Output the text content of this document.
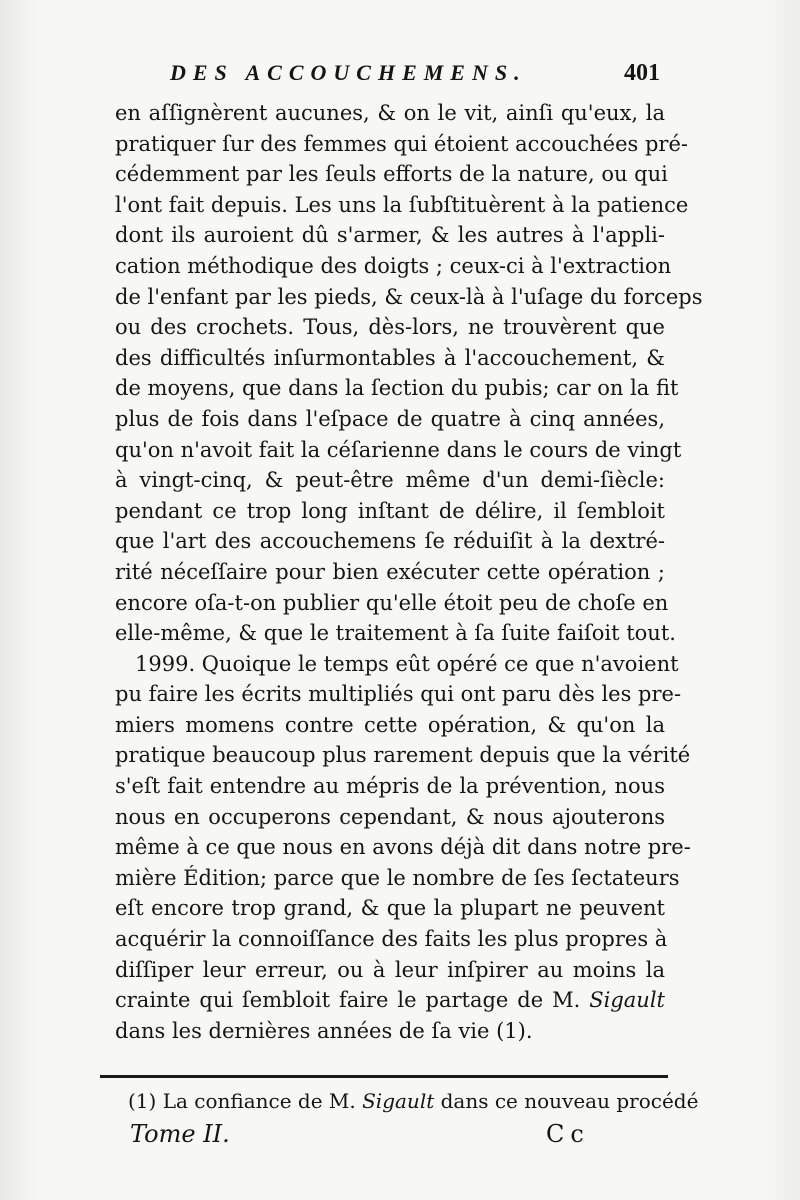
DES ACCOUCHEMENS.	401
en aſſignèrent aucunes, & on le vit, ainſi qu'eux, la
pratiquer ſur des femmes qui étoient accouchées pré-
cédemment par les ſeuls efforts de la nature, ou qui
l'ont fait depuis. Les uns la ſubſtituèrent à la patience
dont ils auroient dû s'armer, & les autres à l'appli-
cation méthodique des doigts ; ceux-ci à l'extraction
de l'enfant par les pieds, & ceux-là à l'uſage du forceps
ou des crochets. Tous, dès-lors, ne trouvèrent que
des difficultés inſurmontables à l'accouchement, &
de moyens, que dans la ſection du pubis; car on la fit
plus de fois dans l'eſpace de quatre à cinq années,
qu'on n'avoit fait la céſarienne dans le cours de vingt
à vingt-cinq, & peut-être même d'un demi-ſiècle:
pendant ce trop long inſtant de délire, il ſembloit
que l'art des accouchemens ſe réduiſit à la dextré-
rité néceſſaire pour bien exécuter cette opération ;
encore oſa-t-on publier qu'elle étoit peu de choſe en
elle-même, & que le traitement à ſa ſuite faiſoit tout.
1999. Quoique le temps eût opéré ce que n'avoient
pu faire les écrits multipliés qui ont paru dès les pre-
miers momens contre cette opération, & qu'on la
pratique beaucoup plus rarement depuis que la vérité
s'eſt fait entendre au mépris de la prévention, nous
nous en occuperons cependant, & nous ajouterons
même à ce que nous en avons déjà dit dans notre pre-
mière Édition; parce que le nombre de ſes ſectateurs
eſt encore trop grand, & que la plupart ne peuvent
acquérir la connoiſſance des faits les plus propres à
diſſiper leur erreur, ou à leur inſpirer au moins la
crainte qui ſembloit faire le partage de M. Sigault
dans les dernières années de ſa vie (1).
(1) La confiance de M. Sigault dans ce nouveau procédé
Tome II.	Cc
